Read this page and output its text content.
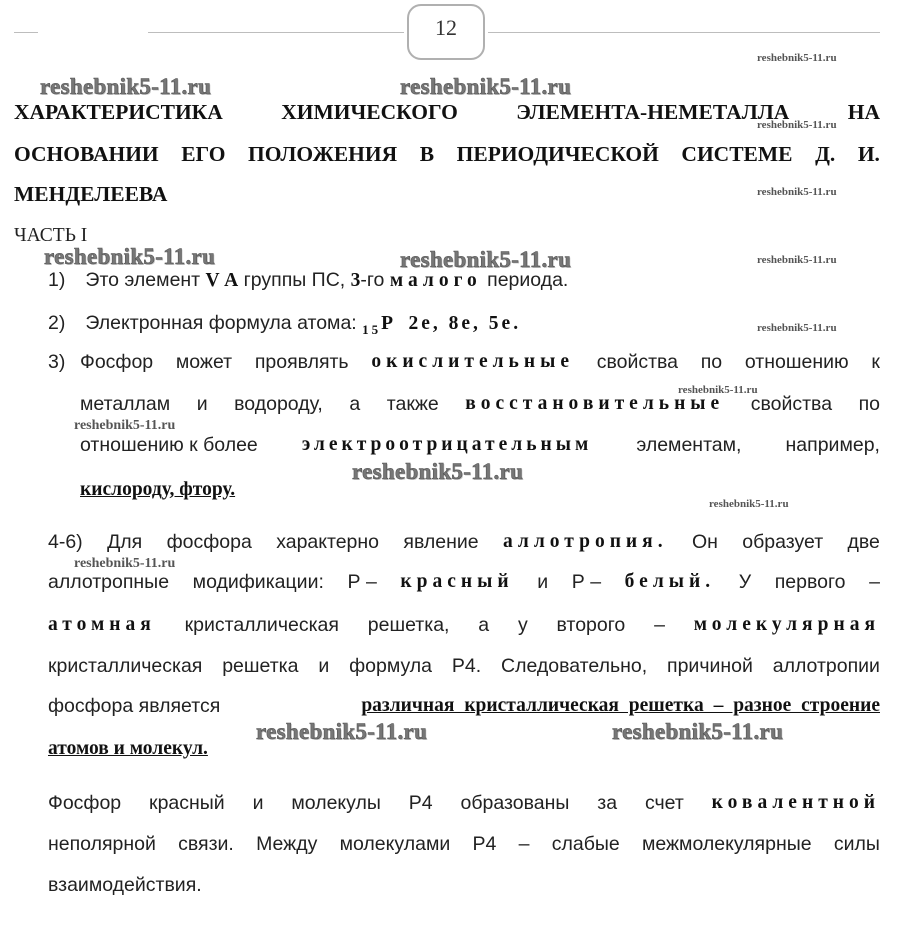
12
reshebnik5-11.ru	reshebnik5-11.ru
reshebnik5-11.ru	reshebnik5-11.ru
reshebnik5-11.ru
reshebnik5-11.ru	reshebnik5-11.ru
reshebnik5-11.ru
reshebnik5-11.ru
reshebnik5-11.ru
reshebnik5-11.ru
reshebnik5-11.ru
reshebnik5-11.ru
reshebnik5-11.ru
reshebnik5-11.ru
reshebnik5-11.ru
ХАРАКТЕРИСТИКА	ХИМИЧЕСКОГО	ЭЛЕМЕНТА-НЕМЕТАЛЛА	НА
ОСНОВАНИИ ЕГО ПОЛОЖЕНИЯ В ПЕРИОДИЧЕСКОЙ СИСТЕМЕ Д. И.
МЕНДЕЛЕЕВА
ЧАСТЬ I
1) Это элемент V А группы ПС, 3-го малого периода.
2) Электронная формула атома: $_{15}$P 2е, 8е, 5е.
3) Фосфор может проявлять окислительные свойства по отношению к
металлам и водороду, а также восстановительные свойства по
отношению к более электроотрицательным элементам, например,
кислороду, фтору.
4-6) Для фосфора характерно явление аллотропия. Он образует две
аллотропные модификации: Р – красный и Р – белый. У первого –
атомная кристаллическая решетка, а у второго – молекулярная
кристаллическая решетка и формула Р4. Следовательно, причиной аллотропии
фосфора является	различная кристаллическая решетка – разное строение
атомов и молекул.
Фосфор красный и молекулы Р4 образованы за счет ковалентной
неполярной связи. Между молекулами Р4 – слабые межмолекулярные силы
взаимодействия.
